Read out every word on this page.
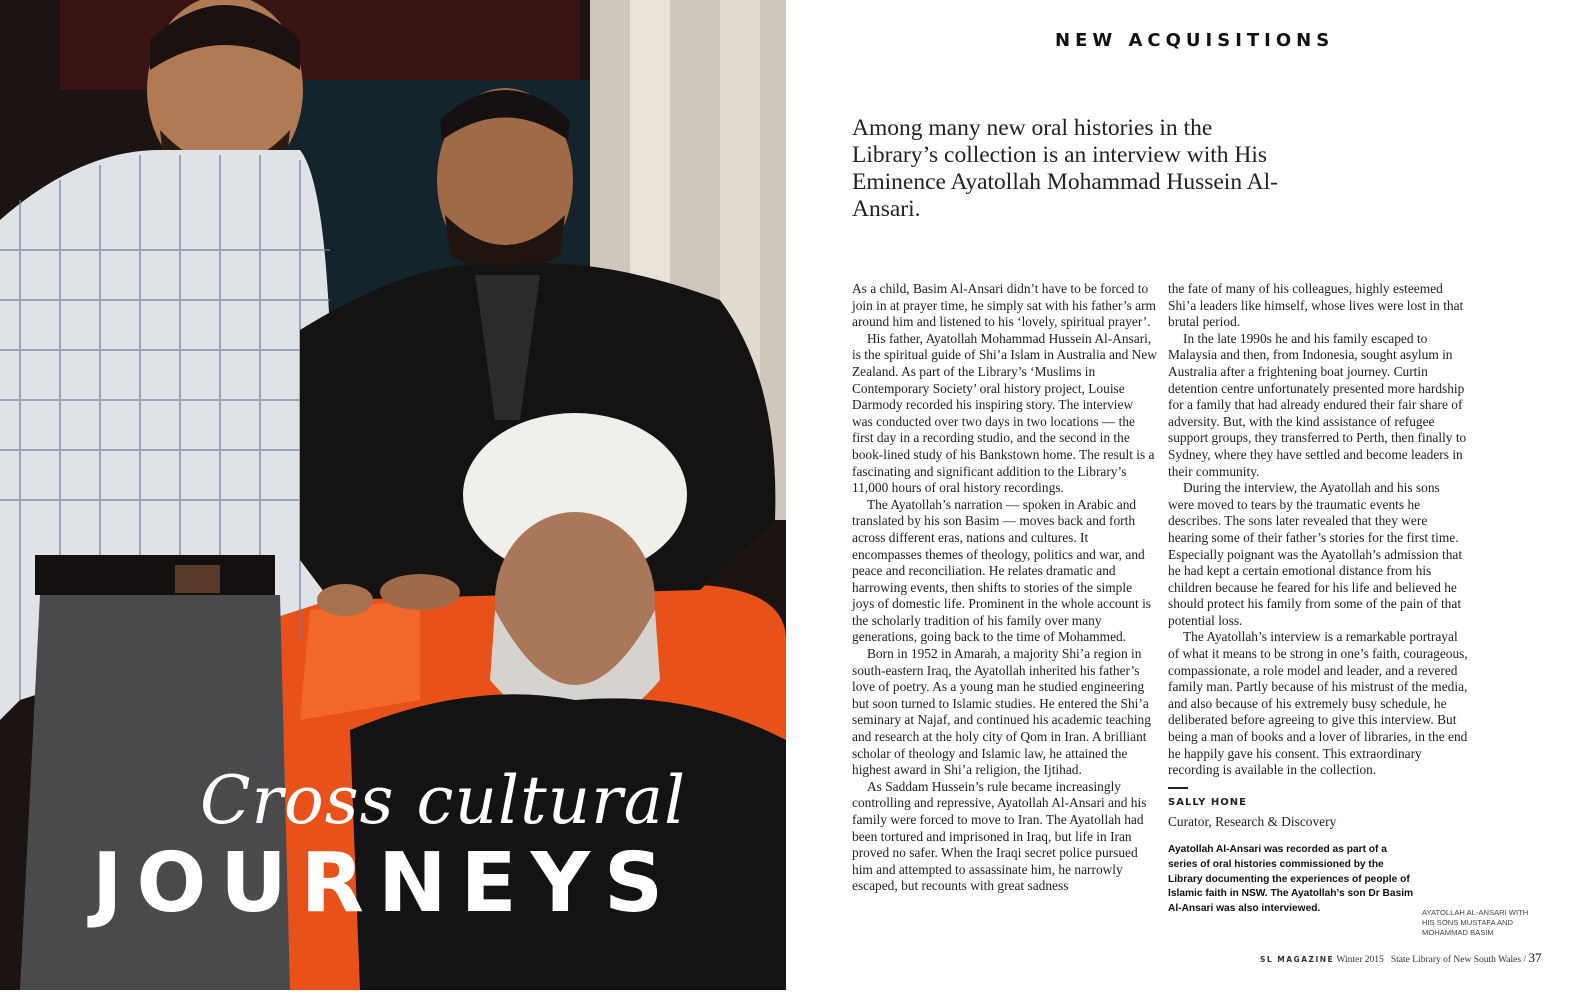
Cross cultural
JOURNEYS
NEW ACQUISITIONS
Among many new oral histories in the Library’s collection is an interview with His Eminence Ayatollah Mohammad Hussein Al-Ansari.

As a child, Basim Al-Ansari didn’t have to be forced to join in at prayer time, he simply sat with his father’s arm around him and listened to his ‘lovely, spiritual prayer’.

His father, Ayatollah Mohammad Hussein Al-Ansari, is the spiritual guide of Shi’a Islam in Australia and New Zealand. As part of the Library’s ‘Muslims in Contemporary Society’ oral history project, Louise Darmody recorded his inspiring story. The interview was conducted over two days in two locations — the first day in a recording studio, and the second in the book-lined study of his Bankstown home. The result is a fascinating and significant addition to the Library’s 11,000 hours of oral history recordings.

The Ayatollah’s narration — spoken in Arabic and translated by his son Basim — moves back and forth across different eras, nations and cultures. It encompasses themes of theology, politics and war, and peace and reconciliation. He relates dramatic and harrowing events, then shifts to stories of the simple joys of domestic life. Prominent in the whole account is the scholarly tradition of his family over many generations, going back to the time of Mohammed.

Born in 1952 in Amarah, a majority Shi’a region in south-eastern Iraq, the Ayatollah inherited his father’s love of poetry. As a young man he studied engineering but soon turned to Islamic studies. He entered the Shi’a seminary at Najaf, and continued his academic teaching and research at the holy city of Qom in Iran. A brilliant scholar of theology and Islamic law, he attained the highest award in Shi’a religion, the Ijtihad.

As Saddam Hussein’s rule became increasingly controlling and repressive, Ayatollah Al-Ansari and his family were forced to move to Iran. The Ayatollah had been tortured and imprisoned in Iraq, but life in Iran proved no safer. When the Iraqi secret police pursued him and attempted to assassinate him, he narrowly escaped, but recounts with great sadness

the fate of many of his colleagues, highly esteemed Shi’a leaders like himself, whose lives were lost in that brutal period.

In the late 1990s he and his family escaped to Malaysia and then, from Indonesia, sought asylum in Australia after a frightening boat journey. Curtin detention centre unfortunately presented more hardship for a family that had already endured their fair share of adversity. But, with the kind assistance of refugee support groups, they transferred to Perth, then finally to Sydney, where they have settled and become leaders in their community.

During the interview, the Ayatollah and his sons were moved to tears by the traumatic events he describes. The sons later revealed that they were hearing some of their father’s stories for the first time. Especially poignant was the Ayatollah’s admission that he had kept a certain emotional distance from his children because he feared for his life and believed he should protect his family from some of the pain of that potential loss.

The Ayatollah’s interview is a remarkable portrayal of what it means to be strong in one’s faith, courageous, compassionate, a role model and leader, and a revered family man. Partly because of his mistrust of the media, and also because of his extremely busy schedule, he deliberated before agreeing to give this interview. But being a man of books and a lover of libraries, in the end he happily gave his consent. This extraordinary recording is available in the collection.

SALLY HONE
Curator, Research & Discovery
Ayatollah Al-Ansari was recorded as part of a series of oral histories commissioned by the Library documenting the experiences of people of Islamic faith in NSW. The Ayatollah’s son Dr Basim Al-Ansari was also interviewed.	AYATOLLAH AL-ANSARI WITH HIS SONS MUSTAFA AND MOHAMMAD BASIM
SL MAGAZINE Winter 2015 State Library of New South Wales / 37
